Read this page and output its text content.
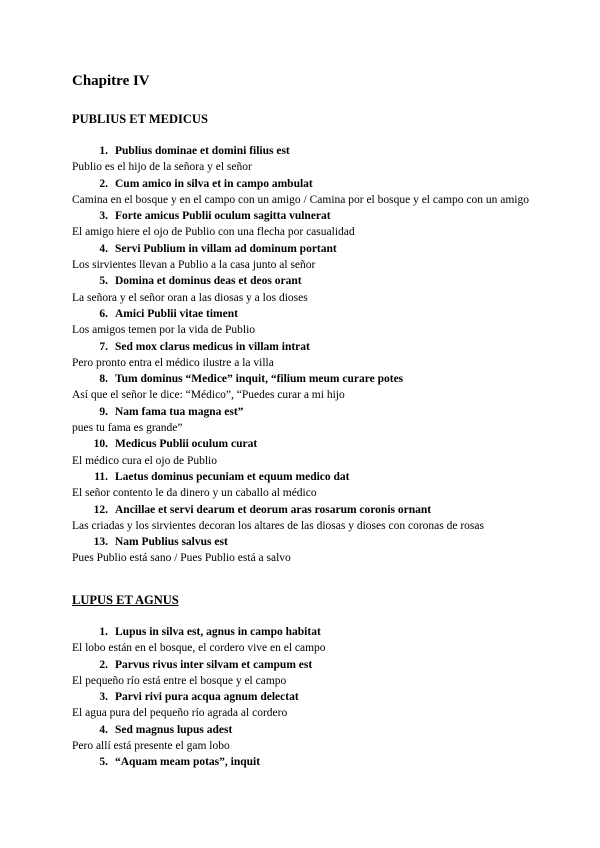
Chapitre IV
PUBLIUS ET MEDICUS
1. Publius dominae et domini filius est
Publio es el hijo de la señora y el señor
2. Cum amico in silva et in campo ambulat
Camina en el bosque y en el campo con un amigo / Camina por el bosque y el campo con un amigo
3. Forte amicus Publii oculum sagitta vulnerat
El amigo hiere el ojo de Publio con una flecha por casualidad
4. Servi Publium in villam ad dominum portant
Los sirvientes llevan a Publio a la casa junto al señor
5. Domina et dominus deas et deos orant
La señora y el señor oran a las diosas y a los dioses
6. Amici Publii vitae timent
Los amigos temen por la vida de Publio
7. Sed mox clarus medicus in villam intrat
Pero pronto entra el médico ilustre a la villa
8. Tum dominus “Medice” inquit, “filium meum curare potes
Así que el señor le dice: “Médico”, “Puedes curar a mi hijo
9. Nam fama tua magna est”
pues tu fama es grande”
10. Medicus Publii oculum curat
El médico cura el ojo de Publio
11. Laetus dominus pecuniam et equum medico dat
El señor contento le da dinero y un caballo al médico
12. Ancillae et servi dearum et deorum aras rosarum coronis ornant
Las criadas y los sirvientes decoran los altares de las diosas y dioses con coronas de rosas
13. Nam Publius salvus est
Pues Publio está sano / Pues Publio está a salvo
LUPUS ET AGNUS
1. Lupus in silva est, agnus in campo habitat
El lobo están en el bosque, el cordero vive en el campo
2. Parvus rivus inter silvam et campum est
El pequeño río está entre el bosque y el campo
3. Parvi rivi pura acqua agnum delectat
El agua pura del pequeño río agrada al cordero
4. Sed magnus lupus adest
Pero allí está presente el gam lobo
5. “Aquam meam potas”, inquit
